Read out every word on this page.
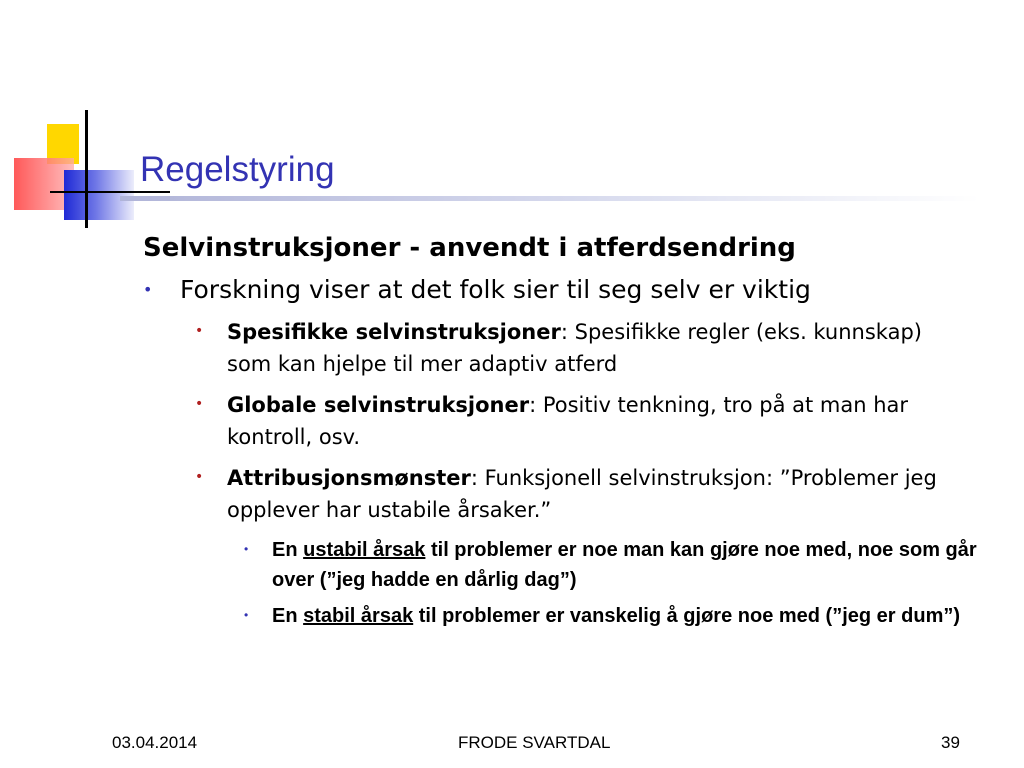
Regelstyring
Selvinstruksjoner - anvendt i atferdsendring
• Forskning viser at det folk sier til seg selv er viktig
• Spesifikke selvinstruksjoner: Spesifikke regler (eks. kunnskap) som kan hjelpe til mer adaptiv atferd
• Globale selvinstruksjoner: Positiv tenkning, tro på at man har kontroll, osv.
• Attribusjonsmønster: Funksjonell selvinstruksjon: ”Problemer jeg opplever har ustabile årsaker.”
• En ustabil årsak til problemer er noe man kan gjøre noe med, noe som går over (”jeg hadde en dårlig dag”)
• En stabil årsak til problemer er vanskelig å gjøre noe med (”jeg er dum”)
03.04.2014	FRODE SVARTDAL	39
